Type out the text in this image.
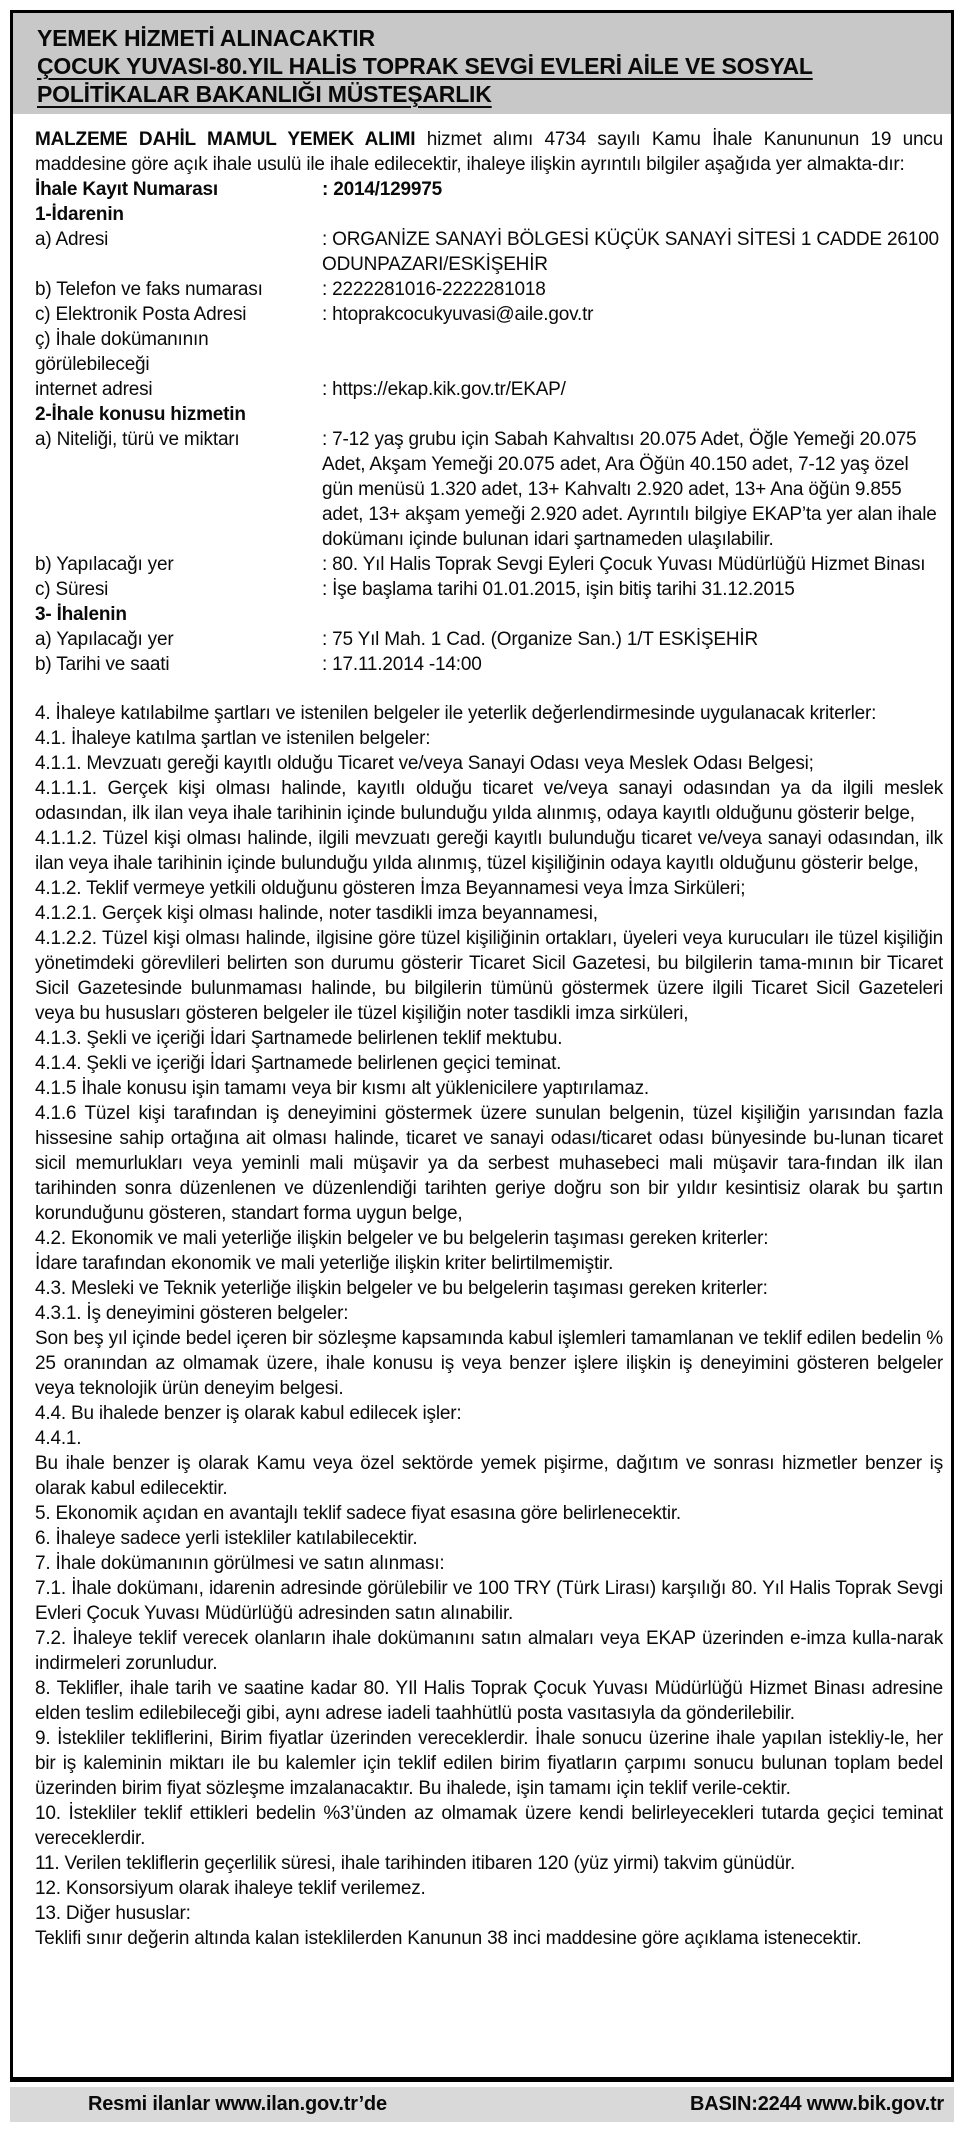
YEMEK HİZMETİ ALINACAKTIR
ÇOCUK YUVASI-80.YIL HALİS TOPRAK SEVGİ EVLERİ AİLE VE SOSYAL
POLİTİKALAR BAKANLIĞI MÜSTEŞARLIK

MALZEME DAHİL MAMUL YEMEK ALIMI hizmet alımı 4734 sayılı Kamu İhale Kanununun 19 uncu maddesine göre açık ihale usulü ile ihale edilecektir, ihaleye ilişkin ayrıntılı bilgiler aşağıda yer almakta-dır:

İhale Kayıt Numarası	: 2014/129975
1-İdarenin
a) Adresi	: ORGANİZE SANAYİ BÖLGESİ KÜÇÜK SANAYİ SİTESİ 1 CADDE 26100 ODUNPAZARI/ESKİŞEHİR
b) Telefon ve faks numarası	: 2222281016-2222281018
c) Elektronik Posta Adresi	: htoprakcocukyuvasi@aile.gov.tr
ç) İhale dokümanının görülebileceği
internet adresi	: https://ekap.kik.gov.tr/EKAP/
2-İhale konusu hizmetin
a) Niteliği, türü ve miktarı	: 7-12 yaş grubu için Sabah Kahvaltısı 20.075 Adet, Öğle Yemeği 20.075 Adet, Akşam Yemeği 20.075 adet, Ara Öğün 40.150 adet, 7-12 yaş özel gün menüsü 1.320 adet, 13+ Kahvaltı 2.920 adet, 13+ Ana öğün 9.855 adet, 13+ akşam yemeği 2.920 adet. Ayrıntılı bilgiye EKAP’ta yer alan ihale dokümanı içinde bulunan idari şartnameden ulaşılabilir.
b) Yapılacağı yer	: 80. Yıl Halis Toprak Sevgi Eyleri Çocuk Yuvası Müdürlüğü Hizmet Binası
c) Süresi	: İşe başlama tarihi 01.01.2015, işin bitiş tarihi 31.12.2015
3- İhalenin
a) Yapılacağı yer	: 75 Yıl Mah. 1 Cad. (Organize San.) 1/T ESKİŞEHİR
b) Tarihi ve saati	: 17.11.2014 -14:00

4. İhaleye katılabilme şartları ve istenilen belgeler ile yeterlik değerlendirmesinde uygulanacak kriterler:

4.1. İhaleye katılma şartlan ve istenilen belgeler:

4.1.1. Mevzuatı gereği kayıtlı olduğu Ticaret ve/veya Sanayi Odası veya Meslek Odası Belgesi;

4.1.1.1. Gerçek kişi olması halinde, kayıtlı olduğu ticaret ve/veya sanayi odasından ya da ilgili meslek odasından, ilk ilan veya ihale tarihinin içinde bulunduğu yılda alınmış, odaya kayıtlı olduğunu gösterir belge,

4.1.1.2. Tüzel kişi olması halinde, ilgili mevzuatı gereği kayıtlı bulunduğu ticaret ve/veya sanayi odasından, ilk ilan veya ihale tarihinin içinde bulunduğu yılda alınmış, tüzel kişiliğinin odaya kayıtlı olduğunu gösterir belge,

4.1.2. Teklif vermeye yetkili olduğunu gösteren İmza Beyannamesi veya İmza Sirküleri;

4.1.2.1. Gerçek kişi olması halinde, noter tasdikli imza beyannamesi,

4.1.2.2. Tüzel kişi olması halinde, ilgisine göre tüzel kişiliğinin ortakları, üyeleri veya kurucuları ile tüzel kişiliğin yönetimdeki görevlileri belirten son durumu gösterir Ticaret Sicil Gazetesi, bu bilgilerin tama-mının bir Ticaret Sicil Gazetesinde bulunmaması halinde, bu bilgilerin tümünü göstermek üzere ilgili Ticaret Sicil Gazeteleri veya bu hususları gösteren belgeler ile tüzel kişiliğin noter tasdikli imza sirküleri,

4.1.3. Şekli ve içeriği İdari Şartnamede belirlenen teklif mektubu.

4.1.4. Şekli ve içeriği İdari Şartnamede belirlenen geçici teminat.

4.1.5 İhale konusu işin tamamı veya bir kısmı alt yüklenicilere yaptırılamaz.

4.1.6 Tüzel kişi tarafından iş deneyimini göstermek üzere sunulan belgenin, tüzel kişiliğin yarısından fazla hissesine sahip ortağına ait olması halinde, ticaret ve sanayi odası/ticaret odası bünyesinde bu-lunan ticaret sicil memurlukları veya yeminli mali müşavir ya da serbest muhasebeci mali müşavir tara-fından ilk ilan tarihinden sonra düzenlenen ve düzenlendiği tarihten geriye doğru son bir yıldır kesintisiz olarak bu şartın korunduğunu gösteren, standart forma uygun belge,

4.2. Ekonomik ve mali yeterliğe ilişkin belgeler ve bu belgelerin taşıması gereken kriterler:

İdare tarafından ekonomik ve mali yeterliğe ilişkin kriter belirtilmemiştir.

4.3. Mesleki ve Teknik yeterliğe ilişkin belgeler ve bu belgelerin taşıması gereken kriterler:

4.3.1. İş deneyimini gösteren belgeler:

Son beş yıl içinde bedel içeren bir sözleşme kapsamında kabul işlemleri tamamlanan ve teklif edilen bedelin % 25 oranından az olmamak üzere, ihale konusu iş veya benzer işlere ilişkin iş deneyimini gösteren belgeler veya teknolojik ürün deneyim belgesi.

4.4. Bu ihalede benzer iş olarak kabul edilecek işler:

4.4.1.

Bu ihale benzer iş olarak Kamu veya özel sektörde yemek pişirme, dağıtım ve sonrası hizmetler benzer iş olarak kabul edilecektir.

5. Ekonomik açıdan en avantajlı teklif sadece fiyat esasına göre belirlenecektir.

6. İhaleye sadece yerli istekliler katılabilecektir.

7. İhale dokümanının görülmesi ve satın alınması:

7.1. İhale dokümanı, idarenin adresinde görülebilir ve 100 TRY (Türk Lirası) karşılığı 80. Yıl Halis Toprak Sevgi Evleri Çocuk Yuvası Müdürlüğü adresinden satın alınabilir.

7.2. İhaleye teklif verecek olanların ihale dokümanını satın almaları veya EKAP üzerinden e-imza kulla-narak indirmeleri zorunludur.

8. Teklifler, ihale tarih ve saatine kadar 80. YIl Halis Toprak Çocuk Yuvası Müdürlüğü Hizmet Binası adresine elden teslim edilebileceği gibi, aynı adrese iadeli taahhütlü posta vasıtasıyla da gönderilebilir.

9. İstekliler tekliflerini, Birim fiyatlar üzerinden vereceklerdir. İhale sonucu üzerine ihale yapılan istekliy-le, her bir iş kaleminin miktarı ile bu kalemler için teklif edilen birim fiyatların çarpımı sonucu bulunan toplam bedel üzerinden birim fiyat sözleşme imzalanacaktır. Bu ihalede, işin tamamı için teklif verile-cektir.

10. İstekliler teklif ettikleri bedelin %3’ünden az olmamak üzere kendi belirleyecekleri tutarda geçici teminat vereceklerdir.

11. Verilen tekliflerin geçerlilik süresi, ihale tarihinden itibaren 120 (yüz yirmi) takvim günüdür.

12. Konsorsiyum olarak ihaleye teklif verilemez.

13. Diğer hususlar:

Teklifi sınır değerin altında kalan isteklilerden Kanunun 38 inci maddesine göre açıklama istenecektir.

Resmi ilanlar www.ilan.gov.tr’de	BASIN:2244 www.bik.gov.tr
